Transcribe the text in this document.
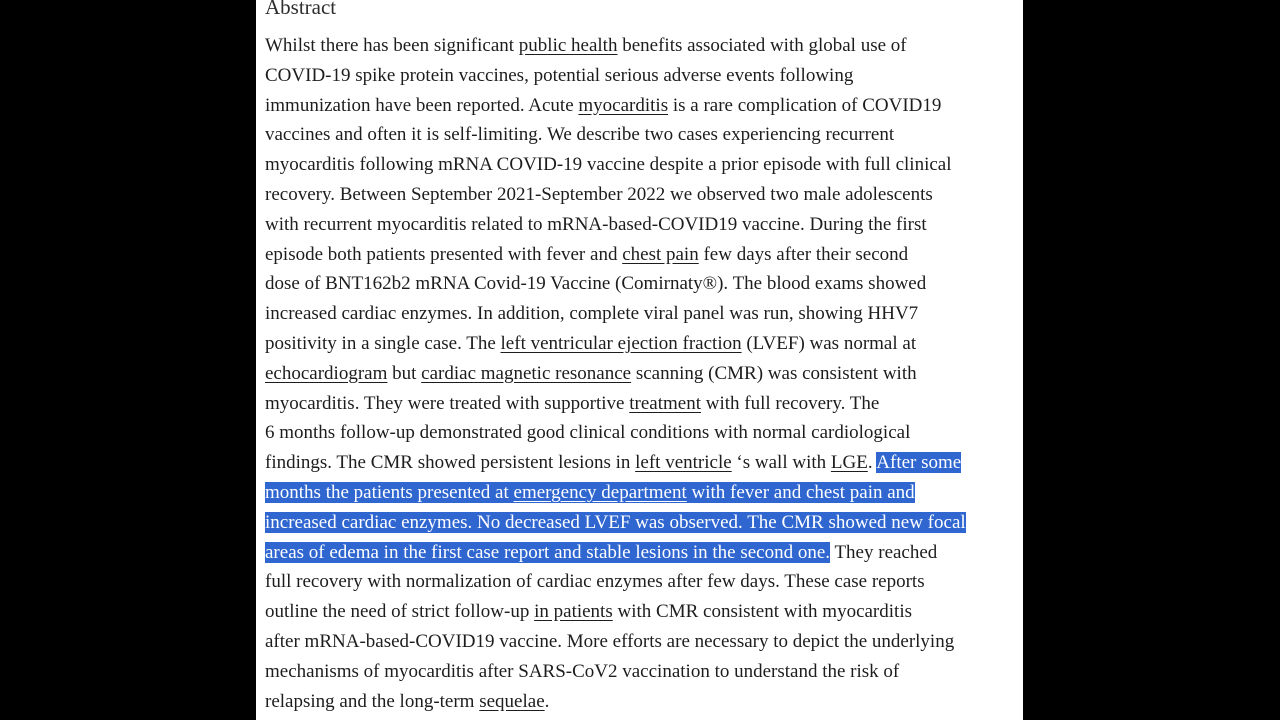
Abstract
Whilst there has been significant public health benefits associated with global use of
COVID-19 spike protein vaccines, potential serious adverse events following
immunization have been reported. Acute myocarditis is a rare complication of COVID19
vaccines and often it is self-limiting. We describe two cases experiencing recurrent
myocarditis following mRNA COVID-19 vaccine despite a prior episode with full clinical
recovery. Between September 2021-September 2022 we observed two male adolescents
with recurrent myocarditis related to mRNA-based-COVID19 vaccine. During the first
episode both patients presented with fever and chest pain few days after their second
dose of BNT162b2 mRNA Covid-19 Vaccine (Comirnaty®). The blood exams showed
increased cardiac enzymes. In addition, complete viral panel was run, showing HHV7
positivity in a single case. The left ventricular ejection fraction (LVEF) was normal at
echocardiogram but cardiac magnetic resonance scanning (CMR) was consistent with
myocarditis. They were treated with supportive treatment with full recovery. The
6 months follow-up demonstrated good clinical conditions with normal cardiological
findings. The CMR showed persistent lesions in left ventricle ‘s wall with LGE. After some
months the patients presented at emergency department with fever and chest pain and
increased cardiac enzymes. No decreased LVEF was observed. The CMR showed new focal
areas of edema in the first case report and stable lesions in the second one. They reached
full recovery with normalization of cardiac enzymes after few days. These case reports
outline the need of strict follow-up in patients with CMR consistent with myocarditis
after mRNA-based-COVID19 vaccine. More efforts are necessary to depict the underlying
mechanisms of myocarditis after SARS-CoV2 vaccination to understand the risk of
relapsing and the long-term sequelae.
